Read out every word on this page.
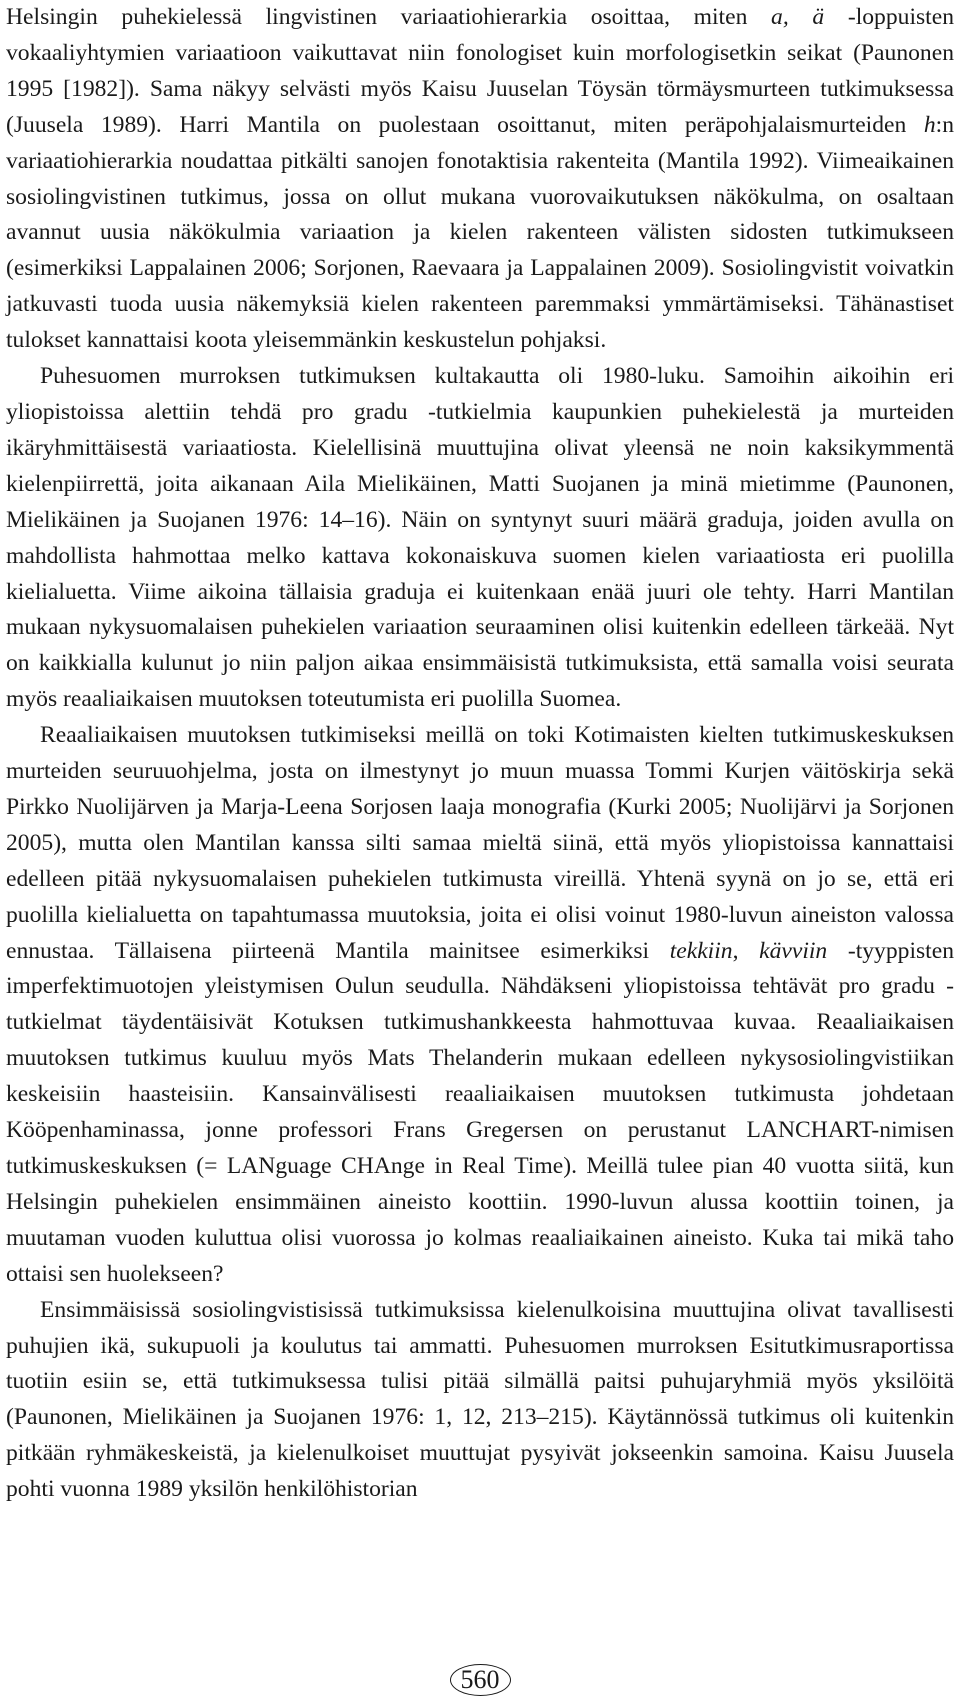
Helsingin puhekielessä lingvistinen variaatiohierarkia osoittaa, miten a, ä -loppuisten vokaaliyhtymien variaatioon vaikuttavat niin fonologiset kuin morfologisetkin seikat (Paunonen 1995 [1982]). Sama näkyy selvästi myös Kaisu Juuselan Töysän törmäysmurteen tutkimuksessa (Juusela 1989). Harri Mantila on puolestaan osoittanut, miten peräpohjalaismurteiden h:n variaatiohierarkia noudattaa pitkälti sanojen fonotaktisia rakenteita (Mantila 1992). Viimeaikainen sosiolingvistinen tutkimus, jossa on ollut mukana vuorovaikutuksen näkökulma, on osaltaan avannut uusia näkökulmia variaation ja kielen rakenteen välisten sidosten tutkimukseen (esimerkiksi Lappalainen 2006; Sorjonen, Raevaara ja Lappalainen 2009). Sosiolingvistit voivatkin jatkuvasti tuoda uusia näkemyksiä kielen rakenteen paremmaksi ymmärtämiseksi. Tähänastiset tulokset kannattaisi koota yleisemmänkin keskustelun pohjaksi.

Puhesuomen murroksen tutkimuksen kultakautta oli 1980-luku. Samoihin aikoihin eri yliopistoissa alettiin tehdä pro gradu -tutkielmia kaupunkien puhekielestä ja murteiden ikäryhmittäisestä variaatiosta. Kielellisinä muuttujina olivat yleensä ne noin kaksikymmentä kielenpiirrettä, joita aikanaan Aila Mielikäinen, Matti Suojanen ja minä mietimme (Paunonen, Mielikäinen ja Suojanen 1976: 14–16). Näin on syntynyt suuri määrä graduja, joiden avulla on mahdollista hahmottaa melko kattava kokonaiskuva suomen kielen variaatiosta eri puolilla kielialuetta. Viime aikoina tällaisia graduja ei kuitenkaan enää juuri ole tehty. Harri Mantilan mukaan nykysuomalaisen puhekielen variaation seuraaminen olisi kuitenkin edelleen tärkeää. Nyt on kaikkialla kulunut jo niin paljon aikaa ensimmäisistä tutkimuksista, että samalla voisi seurata myös reaaliaikaisen muutoksen toteutumista eri puolilla Suomea.

Reaaliaikaisen muutoksen tutkimiseksi meillä on toki Kotimaisten kielten tutkimuskeskuksen murteiden seuruuohjelma, josta on ilmestynyt jo muun muassa Tommi Kurjen väitöskirja sekä Pirkko Nuolijärven ja Marja-Leena Sorjosen laaja monografia (Kurki 2005; Nuolijärvi ja Sorjonen 2005), mutta olen Mantilan kanssa silti samaa mieltä siinä, että myös yliopistoissa kannattaisi edelleen pitää nykysuomalaisen puhekielen tutkimusta vireillä. Yhtenä syynä on jo se, että eri puolilla kielialuetta on tapahtumassa muutoksia, joita ei olisi voinut 1980-luvun aineiston valossa ennustaa. Tällaisena piirteenä Mantila mainitsee esimerkiksi tekkiin, kävviin -tyyppisten imperfektimuotojen yleistymisen Oulun seudulla. Nähdäkseni yliopistoissa tehtävät pro gradu -tutkielmat täydentäisivät Kotuksen tutkimushankkeesta hahmottuvaa kuvaa. Reaaliaikaisen muutoksen tutkimus kuuluu myös Mats Thelanderin mukaan edelleen nykysosiolingvistiikan keskeisiin haasteisiin. Kansainvälisesti reaaliaikaisen muutoksen tutkimusta johdetaan Kööpenhaminassa, jonne professori Frans Gregersen on perustanut LANCHART-nimisen tutkimuskeskuksen (= LANguage CHAnge in Real Time). Meillä tulee pian 40 vuotta siitä, kun Helsingin puhekielen ensimmäinen aineisto koottiin. 1990-luvun alussa koottiin toinen, ja muutaman vuoden kuluttua olisi vuorossa jo kolmas reaaliaikainen aineisto. Kuka tai mikä taho ottaisi sen huolekseen?

Ensimmäisissä sosiolingvistisissä tutkimuksissa kielenulkoisina muuttujina olivat tavallisesti puhujien ikä, sukupuoli ja koulutus tai ammatti. Puhesuomen murroksen Esitutkimusraportissa tuotiin esiin se, että tutkimuksessa tulisi pitää silmällä paitsi puhujaryhmiä myös yksilöitä (Paunonen, Mielikäinen ja Suojanen 1976: 1, 12, 213–215). Käytännössä tutkimus oli kuitenkin pitkään ryhmäkeskeistä, ja kielenulkoiset muuttujat pysyivät jokseenkin samoina. Kaisu Juusela pohti vuonna 1989 yksilön henkilöhistorian

560
